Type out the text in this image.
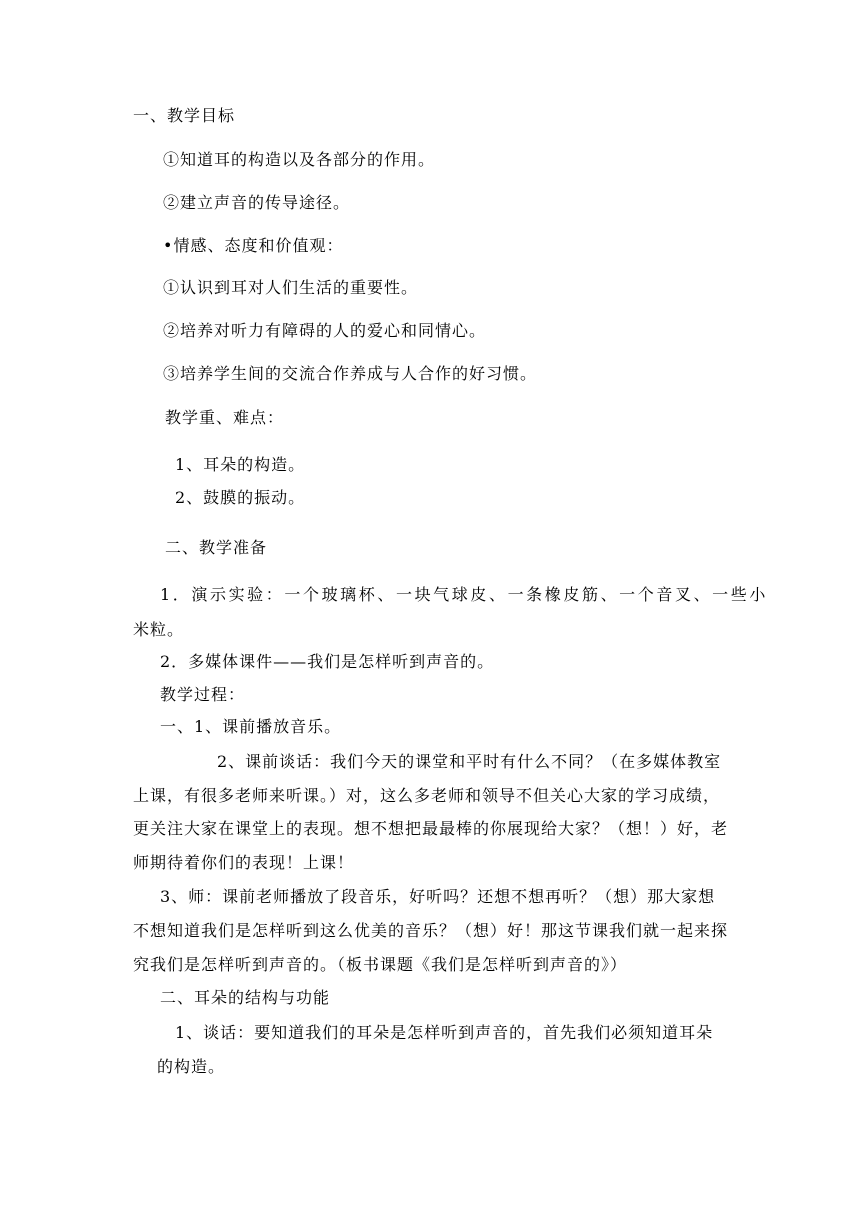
一、教学目标
①知道耳的构造以及各部分的作用。
②建立声音的传导途径。
•情感、态度和价值观：
①认识到耳对人们生活的重要性。
②培养对听力有障碍的人的爱心和同情心。
③培养学生间的交流合作养成与人合作的好习惯。
教学重、难点：
1、耳朵的构造。
2、鼓膜的振动。
二、教学准备
1．演示实验：一个玻璃杯、一块气球皮、一条橡皮筋、一个音叉、一些小
米粒。
2．多媒体课件——我们是怎样听到声音的。
教学过程：
一、1、课前播放音乐。
2、课前谈话：我们今天的课堂和平时有什么不同？（在多媒体教室
上课，有很多老师来听课。）对，这么多老师和领导不但关心大家的学习成绩，
更关注大家在课堂上的表现。想不想把最最棒的你展现给大家？（想！）好，老
师期待着你们的表现！上课！
3、师：课前老师播放了段音乐，好听吗？还想不想再听？（想）那大家想
不想知道我们是怎样听到这么优美的音乐？（想）好！那这节课我们就一起来探
究我们是怎样听到声音的。（板书课题《我们是怎样听到声音的》）
二、耳朵的结构与功能
1、谈话：要知道我们的耳朵是怎样听到声音的，首先我们必须知道耳朵
的构造。
